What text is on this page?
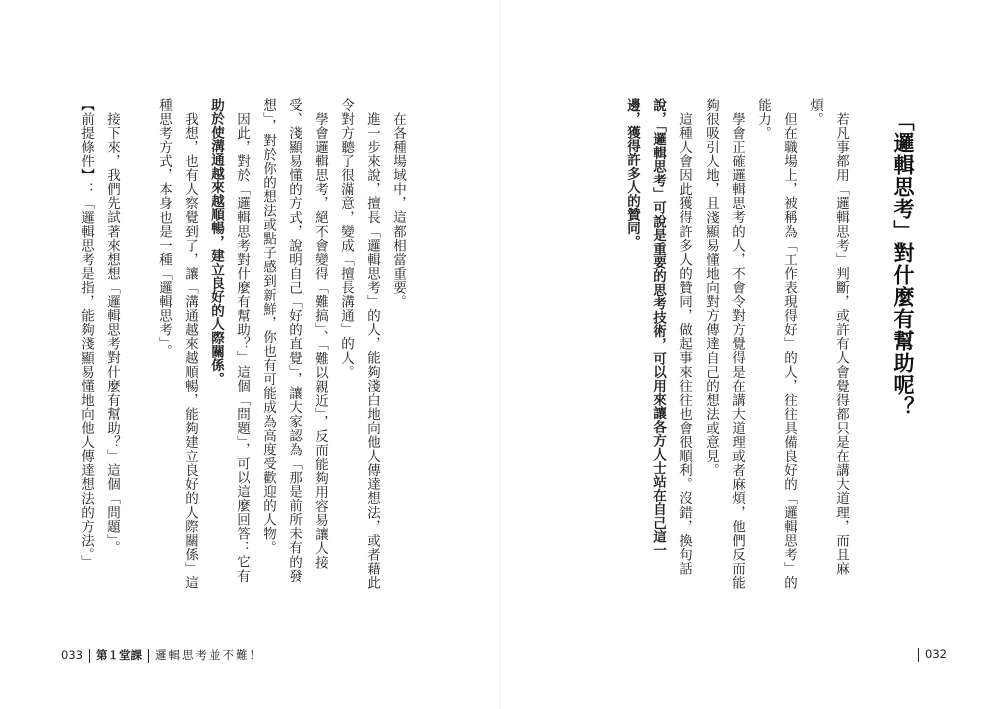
「邏輯思考」對什麼有幫助呢？
若凡事都用「邏輯思考」判斷，或許有人會覺得都只是在講大道理，而且麻
煩。
但在職場上，被稱為「工作表現得好」的人，往往具備良好的「邏輯思考」的
能力。
學會正確邏輯思考的人，不會令對方覺得是在講大道理或者麻煩，他們反而能
夠很吸引人地，且淺顯易懂地向對方傳達自己的想法或意見。
這種人會因此獲得許多人的贊同，做起事來往往也會很順利。沒錯，換句話
說，「邏輯思考」可說是重要的思考技術，可以用來讓各方人士站在自己這一
邊，獲得許多人的贊同。
在各種場域中，這都相當重要。
進一步來說，擅長「邏輯思考」的人，能夠淺白地向他人傳達想法，或者藉此
令對方聽了很滿意，變成「擅長溝通」的人。
學會邏輯思考，絕不會變得「難搞」、「難以親近」，反而能夠用容易讓人接
受、淺顯易懂的方式，說明自己「好的直覺」，讓大家認為「那是前所未有的發
想」，對於你的想法或點子感到新鮮，你也有可能成為高度受歡迎的人物。
因此，對於「邏輯思考對什麼有幫助？」這個「問題」，可以這麼回答：它有
助於使溝通越來越順暢，建立良好的人際關係。
我想，也有人察覺到了，讓「溝通越來越順暢，能夠建立良好的人際關係」這
種思考方式，本身也是一種「邏輯思考」。
接下來，我們先試著來想想「邏輯思考對什麼有幫助？」這個「問題」。
【前提條件】：「邏輯思考是指，能夠淺顯易懂地向他人傳達想法的方法。」
033 第１堂課 邏輯思考並不難！	032
